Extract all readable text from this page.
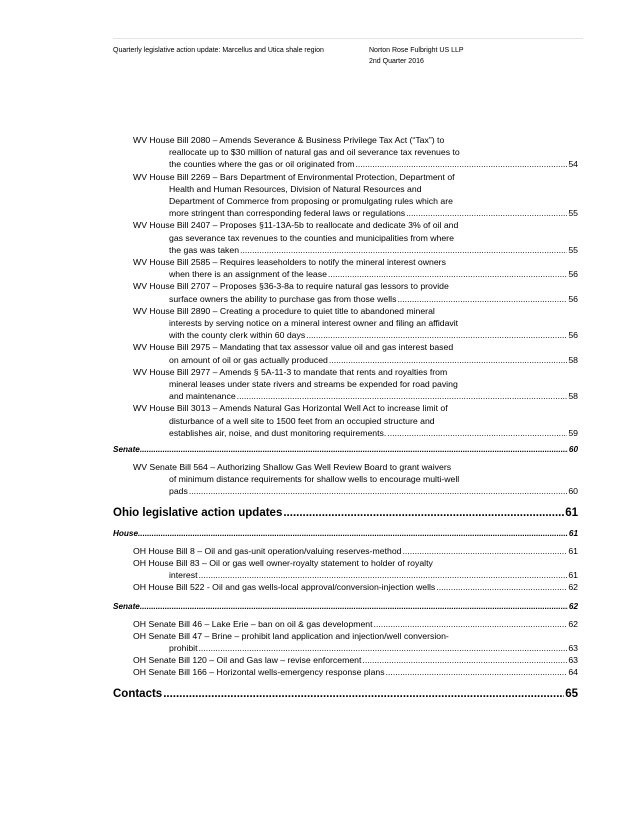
Quarterly legislative action update: Marcellus and Utica shale region	Norton Rose Fulbright US LLP
2nd Quarter 2016
WV House Bill 2080 – Amends Severance & Business Privilege Tax Act (“Tax”) to
reallocate up to $30 million of natural gas and oil severance tax revenues to
the counties where the gas or oil originated from .....	54
WV House Bill 2269 – Bars Department of Environmental Protection, Department of
Health and Human Resources, Division of Natural Resources and
Department of Commerce from proposing or promulgating rules which are
more stringent than corresponding federal laws or regulations .....	55
WV House Bill 2407 – Proposes §11-13A-5b to reallocate and dedicate 3% of oil and
gas severance tax revenues to the counties and municipalities from where
the gas was taken .....	55
WV House Bill 2585 – Requires leaseholders to notify the mineral interest owners
when there is an assignment of the lease .....	56
WV House Bill 2707 – Proposes §36-3-8a to require natural gas lessors to provide
surface owners the ability to purchase gas from those wells .....	56
WV House Bill 2890 – Creating a procedure to quiet title to abandoned mineral
interests by serving notice on a mineral interest owner and filing an affidavit
with the county clerk within 60 days .....	56
WV House Bill 2975 – Mandating that tax assessor value oil and gas interest based
on amount of oil or gas actually produced .....	58
WV House Bill 2977 – Amends § 5A-11-3 to mandate that rents and royalties from
mineral leases under state rivers and streams be expended for road paving
and maintenance .....	58
WV House Bill 3013 – Amends Natural Gas Horizontal Well Act to increase limit of
disturbance of a well site to 1500 feet from an occupied structure and
establishes air, noise, and dust monitoring requirements. .....	59
Senate .....	60
WV Senate Bill 564 – Authorizing Shallow Gas Well Review Board to grant waivers
of minimum distance requirements for shallow wells to encourage multi-well
pads .....	60
Ohio legislative action updates .....	61
House .....	61
OH House Bill 8 – Oil and gas-unit operation/valuing reserves-method .....	61
OH House Bill 83 – Oil or gas well owner-royalty statement to holder of royalty
interest .....	61
OH House Bill 522 - Oil and gas wells-local approval/conversion-injection wells .....	62
Senate .....	62
OH Senate Bill 46 – Lake Erie – ban on oil & gas development .....	62
OH Senate Bill 47 – Brine – prohibit land application and injection/well conversion-
prohibit .....	63
OH Senate Bill 120 – Oil and Gas law – revise enforcement .....	63
OH Senate Bill 166 – Horizontal wells-emergency response plans .....	64
Contacts .....	65
